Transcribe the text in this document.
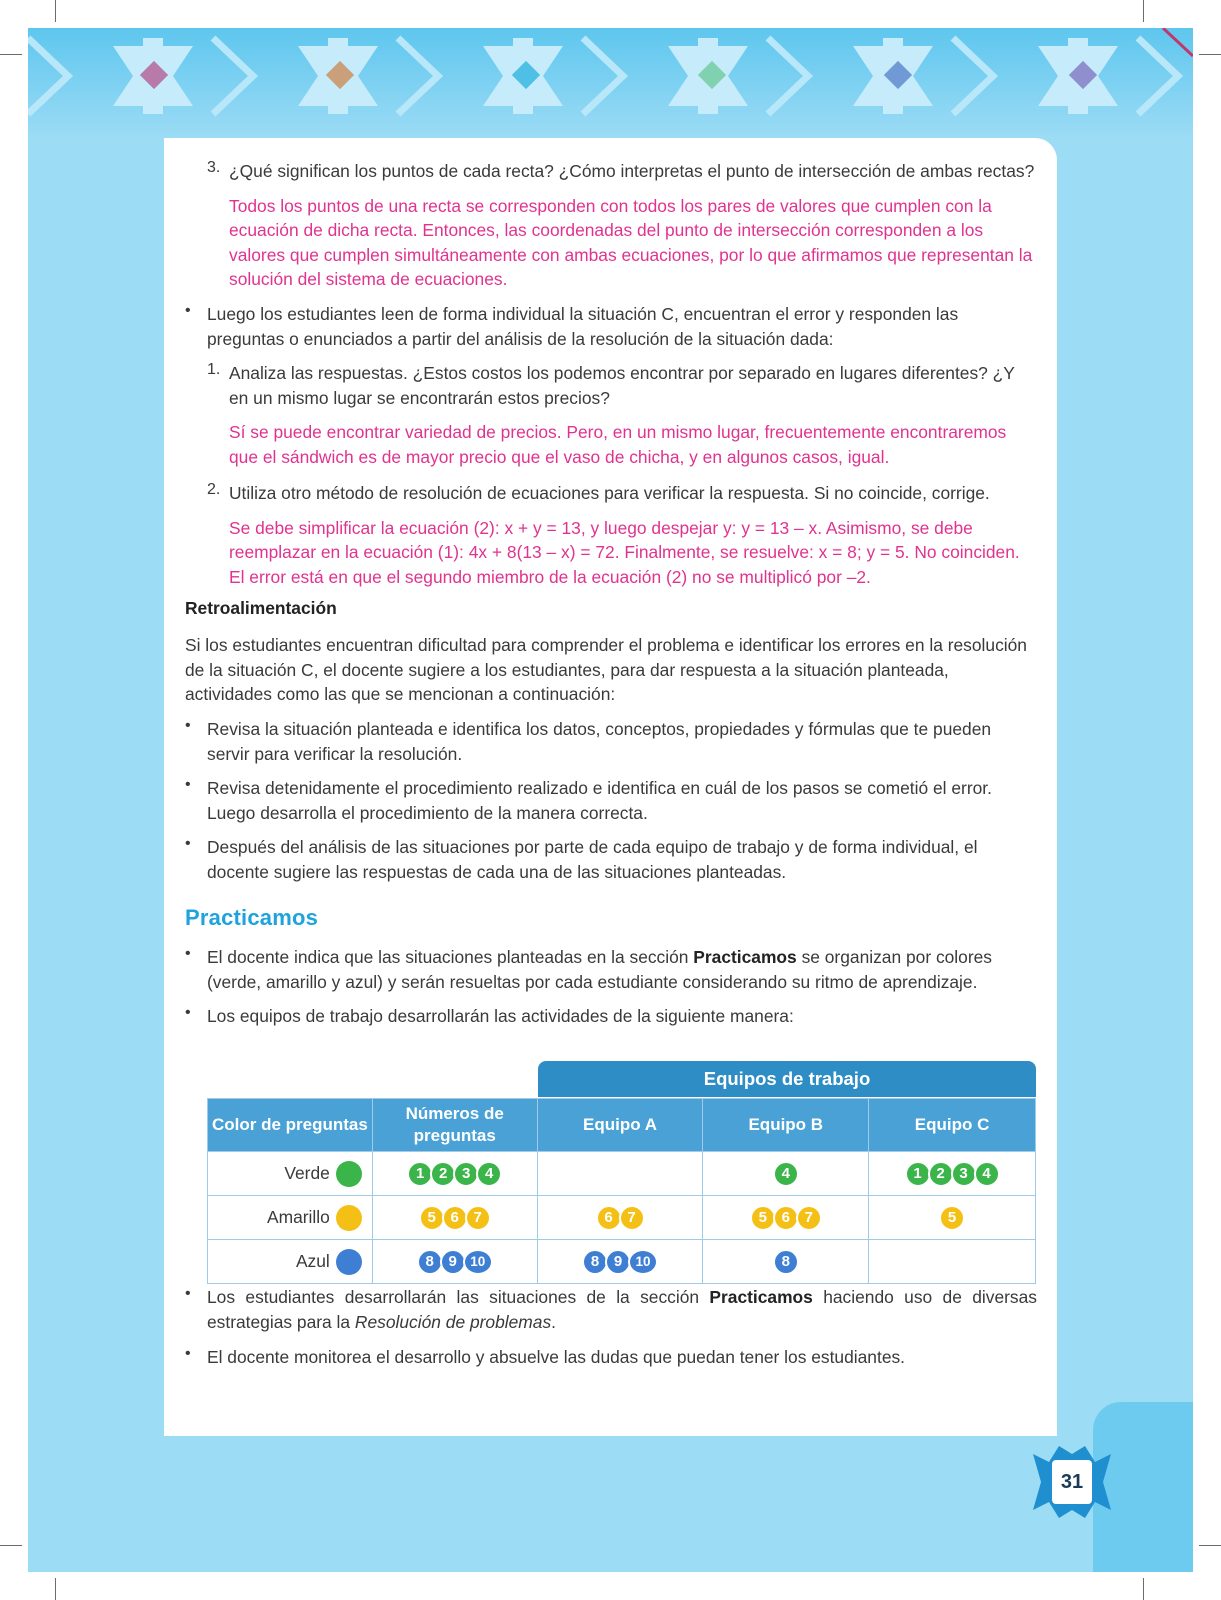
31
3. ¿Qué significan los puntos de cada recta? ¿Cómo interpretas el punto de intersección de ambas rectas?

Todos los puntos de una recta se corresponden con todos los pares de valores que cumplen con la ecuación de dicha recta. Entonces, las coordenadas del punto de intersección corresponden a los valores que cumplen simultáneamente con ambas ecuaciones, por lo que afirmamos que representan la solución del sistema de ecuaciones.

• Luego los estudiantes leen de forma individual la situación C, encuentran el error y responden las preguntas o enunciados a partir del análisis de la resolución de la situación dada:

1. Analiza las respuestas. ¿Estos costos los podemos encontrar por separado en lugares diferentes? ¿Y en un mismo lugar se encontrarán estos precios?

Sí se puede encontrar variedad de precios. Pero, en un mismo lugar, frecuentemente encontraremos que el sándwich es de mayor precio que el vaso de chicha, y en algunos casos, igual.

2. Utiliza otro método de resolución de ecuaciones para verificar la respuesta. Si no coincide, corrige.

Se debe simplificar la ecuación (2): x + y = 13, y luego despejar y: y = 13 – x. Asimismo, se debe reemplazar en la ecuación (1): 4x + 8(13 – x) = 72. Finalmente, se resuelve: x = 8; y = 5. No coinciden. El error está en que el segundo miembro de la ecuación (2) no se multiplicó por –2.

Retroalimentación

Si los estudiantes encuentran dificultad para comprender el problema e identificar los errores en la resolución de la situación C, el docente sugiere a los estudiantes, para dar respuesta a la situación planteada, actividades como las que se mencionan a continuación:

• Revisa la situación planteada e identifica los datos, conceptos, propiedades y fórmulas que te pueden servir para verificar la resolución.

• Revisa detenidamente el procedimiento realizado e identifica en cuál de los pasos se cometió el error. Luego desarrolla el procedimiento de la manera correcta.

• Después del análisis de las situaciones por parte de cada equipo de trabajo y de forma individual, el docente sugiere las respuestas de cada una de las situaciones planteadas.

Practicamos
• El docente indica que las situaciones planteadas en la sección Practicamos se organizan por colores (verde, amarillo y azul) y serán resueltas por cada estudiante considerando su ritmo de aprendizaje.

• Los equipos de trabajo desarrollarán las actividades de la siguiente manera:

Equipos de trabajo
Color de preguntas	Números de preguntas	Equipo A	Equipo B	Equipo C
Verde	1 2 3 4		4	1 2 3 4

Amarillo	5 6 7	6 7	5 6 7	5

Azul	8 9 10	8 9 10	8	

• Los estudiantes desarrollarán las situaciones de la sección Practicamos haciendo uso de diversas estrategias para la Resolución de problemas.

• El docente monitorea el desarrollo y absuelve las dudas que puedan tener los estudiantes.
